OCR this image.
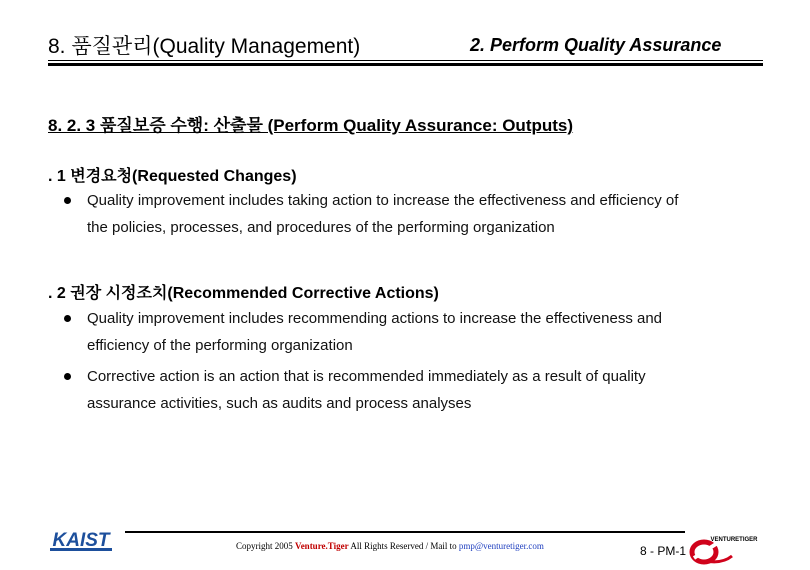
8. 품질관리(Quality Management)	2. Perform Quality Assurance
8. 2. 3 품질보증 수행: 산출물 (Perform Quality Assurance: Outputs)
. 1 변경요청(Requested Changes)
Quality improvement includes taking action to increase the effectiveness and efficiency of
the policies, processes, and procedures of the performing organization
. 2 권장 시정조치(Recommended Corrective Actions)
Quality improvement includes recommending actions to increase the effectiveness and
efficiency of the performing organization
Corrective action is an action that is recommended immediately as a result of quality
assurance activities, such as audits and process analyses
KAIST	Copyright 2005 Venture.Tiger All Rights Reserved / Mail to pmp@venturetiger.com	8 - PM-1
VENTURETIGER
